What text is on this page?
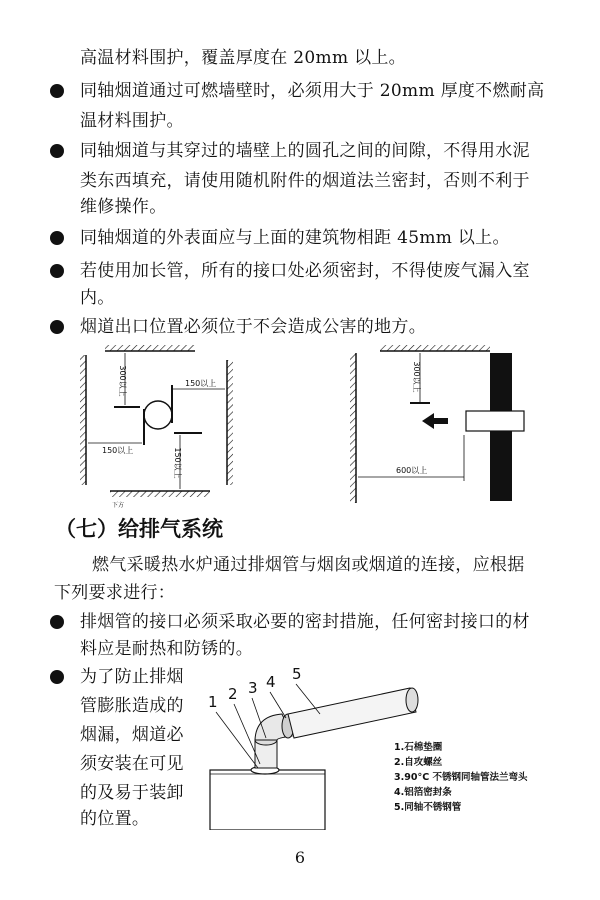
高温材料围护，覆盖厚度在 20mm 以上。
同轴烟道通过可燃墙壁时，必须用大于 20mm 厚度不燃耐高
温材料围护。
同轴烟道与其穿过的墙壁上的圆孔之间的间隙，不得用水泥
类东西填充，请使用随机附件的烟道法兰密封，否则不利于
维修操作。
同轴烟道的外表面应与上面的建筑物相距 45mm 以上。
若使用加长管，所有的接口处必须密封，不得使废气漏入室
内。
烟道出口位置必须位于不会造成公害的地方。
300以上	150以上
150以上	150以上
下方
300以上
600以上
（七）给排气系统
燃气采暖热水炉通过排烟管与烟囱或烟道的连接，应根据
下列要求进行：
排烟管的接口必须采取必要的密封措施，任何密封接口的材
料应是耐热和防锈的。
为了防止排烟
管膨胀造成的
烟漏，烟道必
须安装在可见
的及易于装卸
的位置。
1 2 3 4 5
1.石棉垫圈
2.自攻螺丝
3.90°C 不锈钢同轴管法兰弯头
4.铝箔密封条
5.同轴不锈钢管
6
